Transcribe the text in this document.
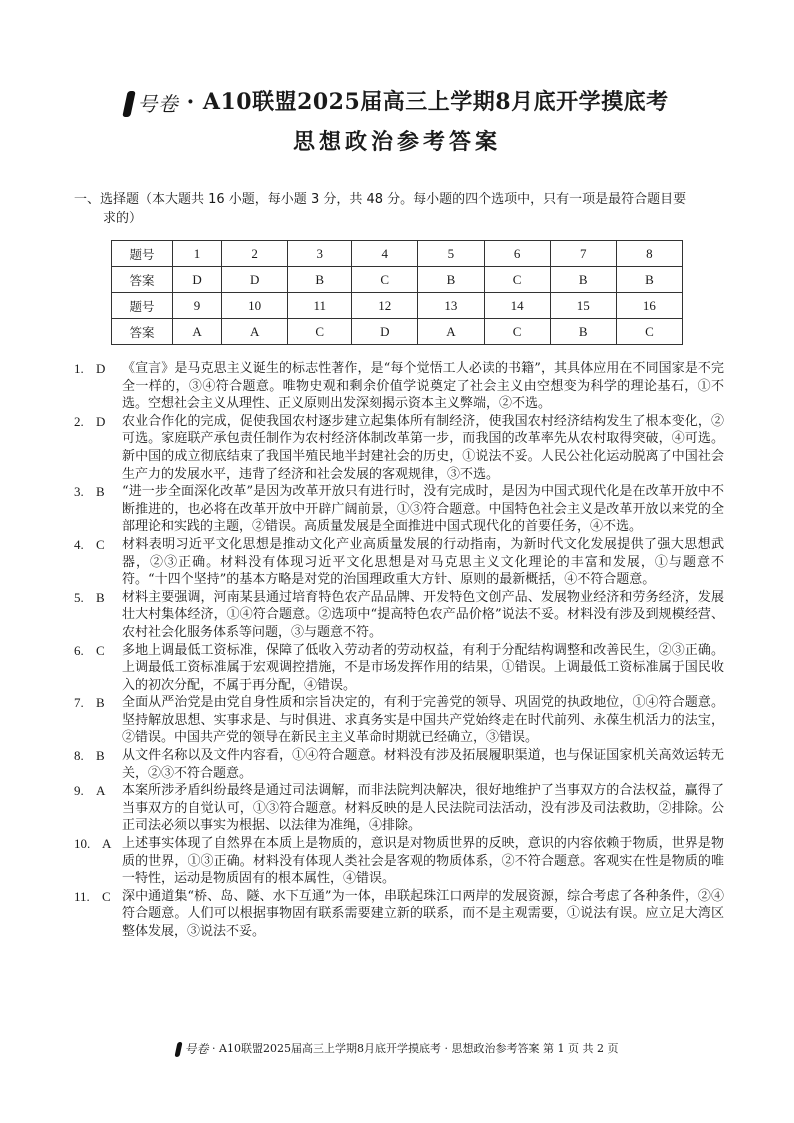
号卷 · A10联盟2025届高三上学期8月底开学摸底考
思想政治参考答案
一、选择题（本大题共 16 小题，每小题 3 分，共 48 分。每小题的四个选项中，只有一项是最符合题目要
求的）
题号	1	2	3	4	5	6	7	8
答案	D	D	B	C	B	C	B	B
题号	9	10	11	12	13	14	15	16
答案	A	A	C	D	A	C	B	C
1. D	《宣言》是马克思主义诞生的标志性著作，是“每个觉悟工人必读的书籍”，其具体应用在不同国家是不完全一样的，③④符合题意。唯物史观和剩余价值学说奠定了社会主义由空想变为科学的理论基石，①不选。空想社会主义从理性、正义原则出发深刻揭示资本主义弊端，②不选。
2. D	农业合作化的完成，促使我国农村逐步建立起集体所有制经济，使我国农村经济结构发生了根本变化，②可选。家庭联产承包责任制作为农村经济体制改革第一步，而我国的改革率先从农村取得突破，④可选。新中国的成立彻底结束了我国半殖民地半封建社会的历史，①说法不妥。人民公社化运动脱离了中国社会生产力的发展水平，违背了经济和社会发展的客观规律，③不选。
3. B	“进一步全面深化改革”是因为改革开放只有进行时，没有完成时，是因为中国式现代化是在改革开放中不断推进的，也必将在改革开放中开辟广阔前景，①③符合题意。中国特色社会主义是改革开放以来党的全部理论和实践的主题，②错误。高质量发展是全面推进中国式现代化的首要任务，④不选。
4. C	材料表明习近平文化思想是推动文化产业高质量发展的行动指南，为新时代文化发展提供了强大思想武器，②③正确。材料没有体现习近平文化思想是对马克思主义文化理论的丰富和发展，①与题意不符。“十四个坚持”的基本方略是对党的治国理政重大方针、原则的最新概括，④不符合题意。
5. B	材料主要强调，河南某县通过培育特色农产品品牌、开发特色文创产品、发展物业经济和劳务经济，发展壮大村集体经济，①④符合题意。②选项中“提高特色农产品价格”说法不妥。材料没有涉及到规模经营、农村社会化服务体系等问题，③与题意不符。
6. C	多地上调最低工资标准，保障了低收入劳动者的劳动权益，有利于分配结构调整和改善民生，②③正确。上调最低工资标准属于宏观调控措施，不是市场发挥作用的结果，①错误。上调最低工资标准属于国民收入的初次分配，不属于再分配，④错误。
7. B	全面从严治党是由党自身性质和宗旨决定的，有利于完善党的领导、巩固党的执政地位，①④符合题意。坚持解放思想、实事求是、与时俱进、求真务实是中国共产党始终走在时代前列、永葆生机活力的法宝，②错误。中国共产党的领导在新民主主义革命时期就已经确立，③错误。
8. B	从文件名称以及文件内容看，①④符合题意。材料没有涉及拓展履职渠道，也与保证国家机关高效运转无关，②③不符合题意。
9. A	本案所涉矛盾纠纷最终是通过司法调解，而非法院判决解决，很好地维护了当事双方的合法权益，赢得了当事双方的自觉认可，①③符合题意。材料反映的是人民法院司法活动，没有涉及司法救助，②排除。公正司法必须以事实为根据、以法律为准绳，④排除。
10. A 上述事实体现了自然界在本质上是物质的，意识是对物质世界的反映，意识的内容依赖于物质，世界是物质的世界，①③正确。材料没有体现人类社会是客观的物质体系，②不符合题意。客观实在性是物质的唯一特性，运动是物质固有的根本属性，④错误。
11. C 深中通道集“桥、岛、隧、水下互通”为一体，串联起珠江口两岸的发展资源，综合考虑了各种条件，②④符合题意。人们可以根据事物固有联系需要建立新的联系，而不是主观需要，①说法有误。应立足大湾区整体发展，③说法不妥。
号卷 · A10联盟2025届高三上学期8月底开学摸底考 · 思想政治参考答案 第 1 页 共 2 页
